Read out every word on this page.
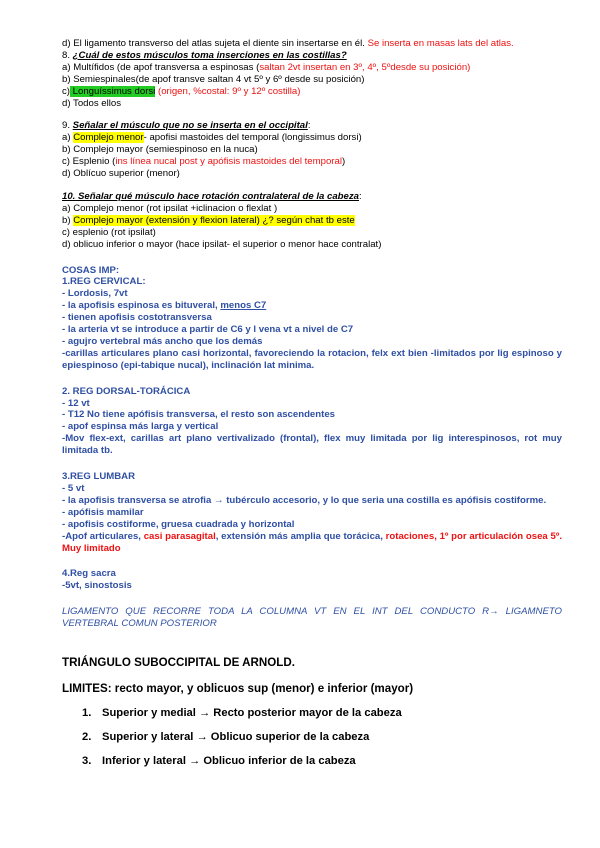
d) El ligamento transverso del atlas sujeta el diente sin insertarse en él. Se inserta en masas lats del atlas.
8. ¿Cuál de estos músculos toma inserciones en las costillas?
a) Multífidos (de apof transversa a espinosas (saltan 2vt insertan en 3º, 4º, 5ºdesde su posición)
b) Semiespinales(de apof transve saltan 4 vt 5º y 6º desde su posición)
c) Longuíssimus dorsi (origen, %costal: 9º y 12º costilla)
d) Todos ellos
9. Señalar el músculo que no se inserta en el occipital:
a) Complejo menor- apofisi mastoides del temporal (longissimus dorsi)
b) Complejo mayor (semiespinoso en la nuca)
c) Esplenio (ins línea nucal post y apófisis mastoides del temporal)
d) Oblícuo superior (menor)
10. Señalar qué músculo hace rotación contralateral de la cabeza:
a) Complejo menor (rot ipsilat +iclinacion o flexlat )
b) Complejo mayor (extensión y flexion lateral) ¿? según chat tb este
c) esplenio (rot ipsilat)
d) oblicuo inferior o mayor (hace ipsilat- el superior o menor hace contralat)
COSAS IMP:
1.REG CERVICAL:
- Lordosis, 7vt
- la apofisis espinosa es bituveral, menos C7
- tienen apofisis costotransversa
- la arteria vt se introduce a partir de C6 y l vena vt a nivel de C7
- agujro vertebral más ancho que los demás
-carillas articulares plano casi horizontal, favoreciendo la rotacion, felx ext bien -limitados por lig espinoso y epiespinoso (epi-tabique nucal), inclinación lat minima.
2. REG DORSAL-TORÁCICA
- 12 vt
- T12 No tiene apófisis transversa, el resto son ascendentes
- apof espinsa más larga y vertical
-Mov flex-ext, carillas art plano vertivalizado (frontal), flex muy limitada por lig interespinosos, rot muy limitada tb.
3.REG LUMBAR
- 5 vt
- la apofisis transversa se atrofia → tubérculo accesorio, y lo que seria una costilla es apófisis costiforme.
- apófisis mamilar
- apofisis costiforme, gruesa cuadrada y horizontal
-Apof articulares, casi parasagital, extensión más amplia que torácica, rotaciones, 1º por articulación osea 5º. Muy limitado
4.Reg sacra
-5vt, sinostosis
LIGAMENTO QUE RECORRE TODA LA COLUMNA VT EN EL INT DEL CONDUCTO R→ LIGAMNETO VERTEBRAL COMUN POSTERIOR
TRIÁNGULO SUBOCCIPITAL DE ARNOLD.
LIMITES: recto mayor, y oblicuos sup (menor) e inferior (mayor)
1. Superior y medial → Recto posterior mayor de la cabeza
2. Superior y lateral → Oblicuo superior de la cabeza
3. Inferior y lateral → Oblicuo inferior de la cabeza
